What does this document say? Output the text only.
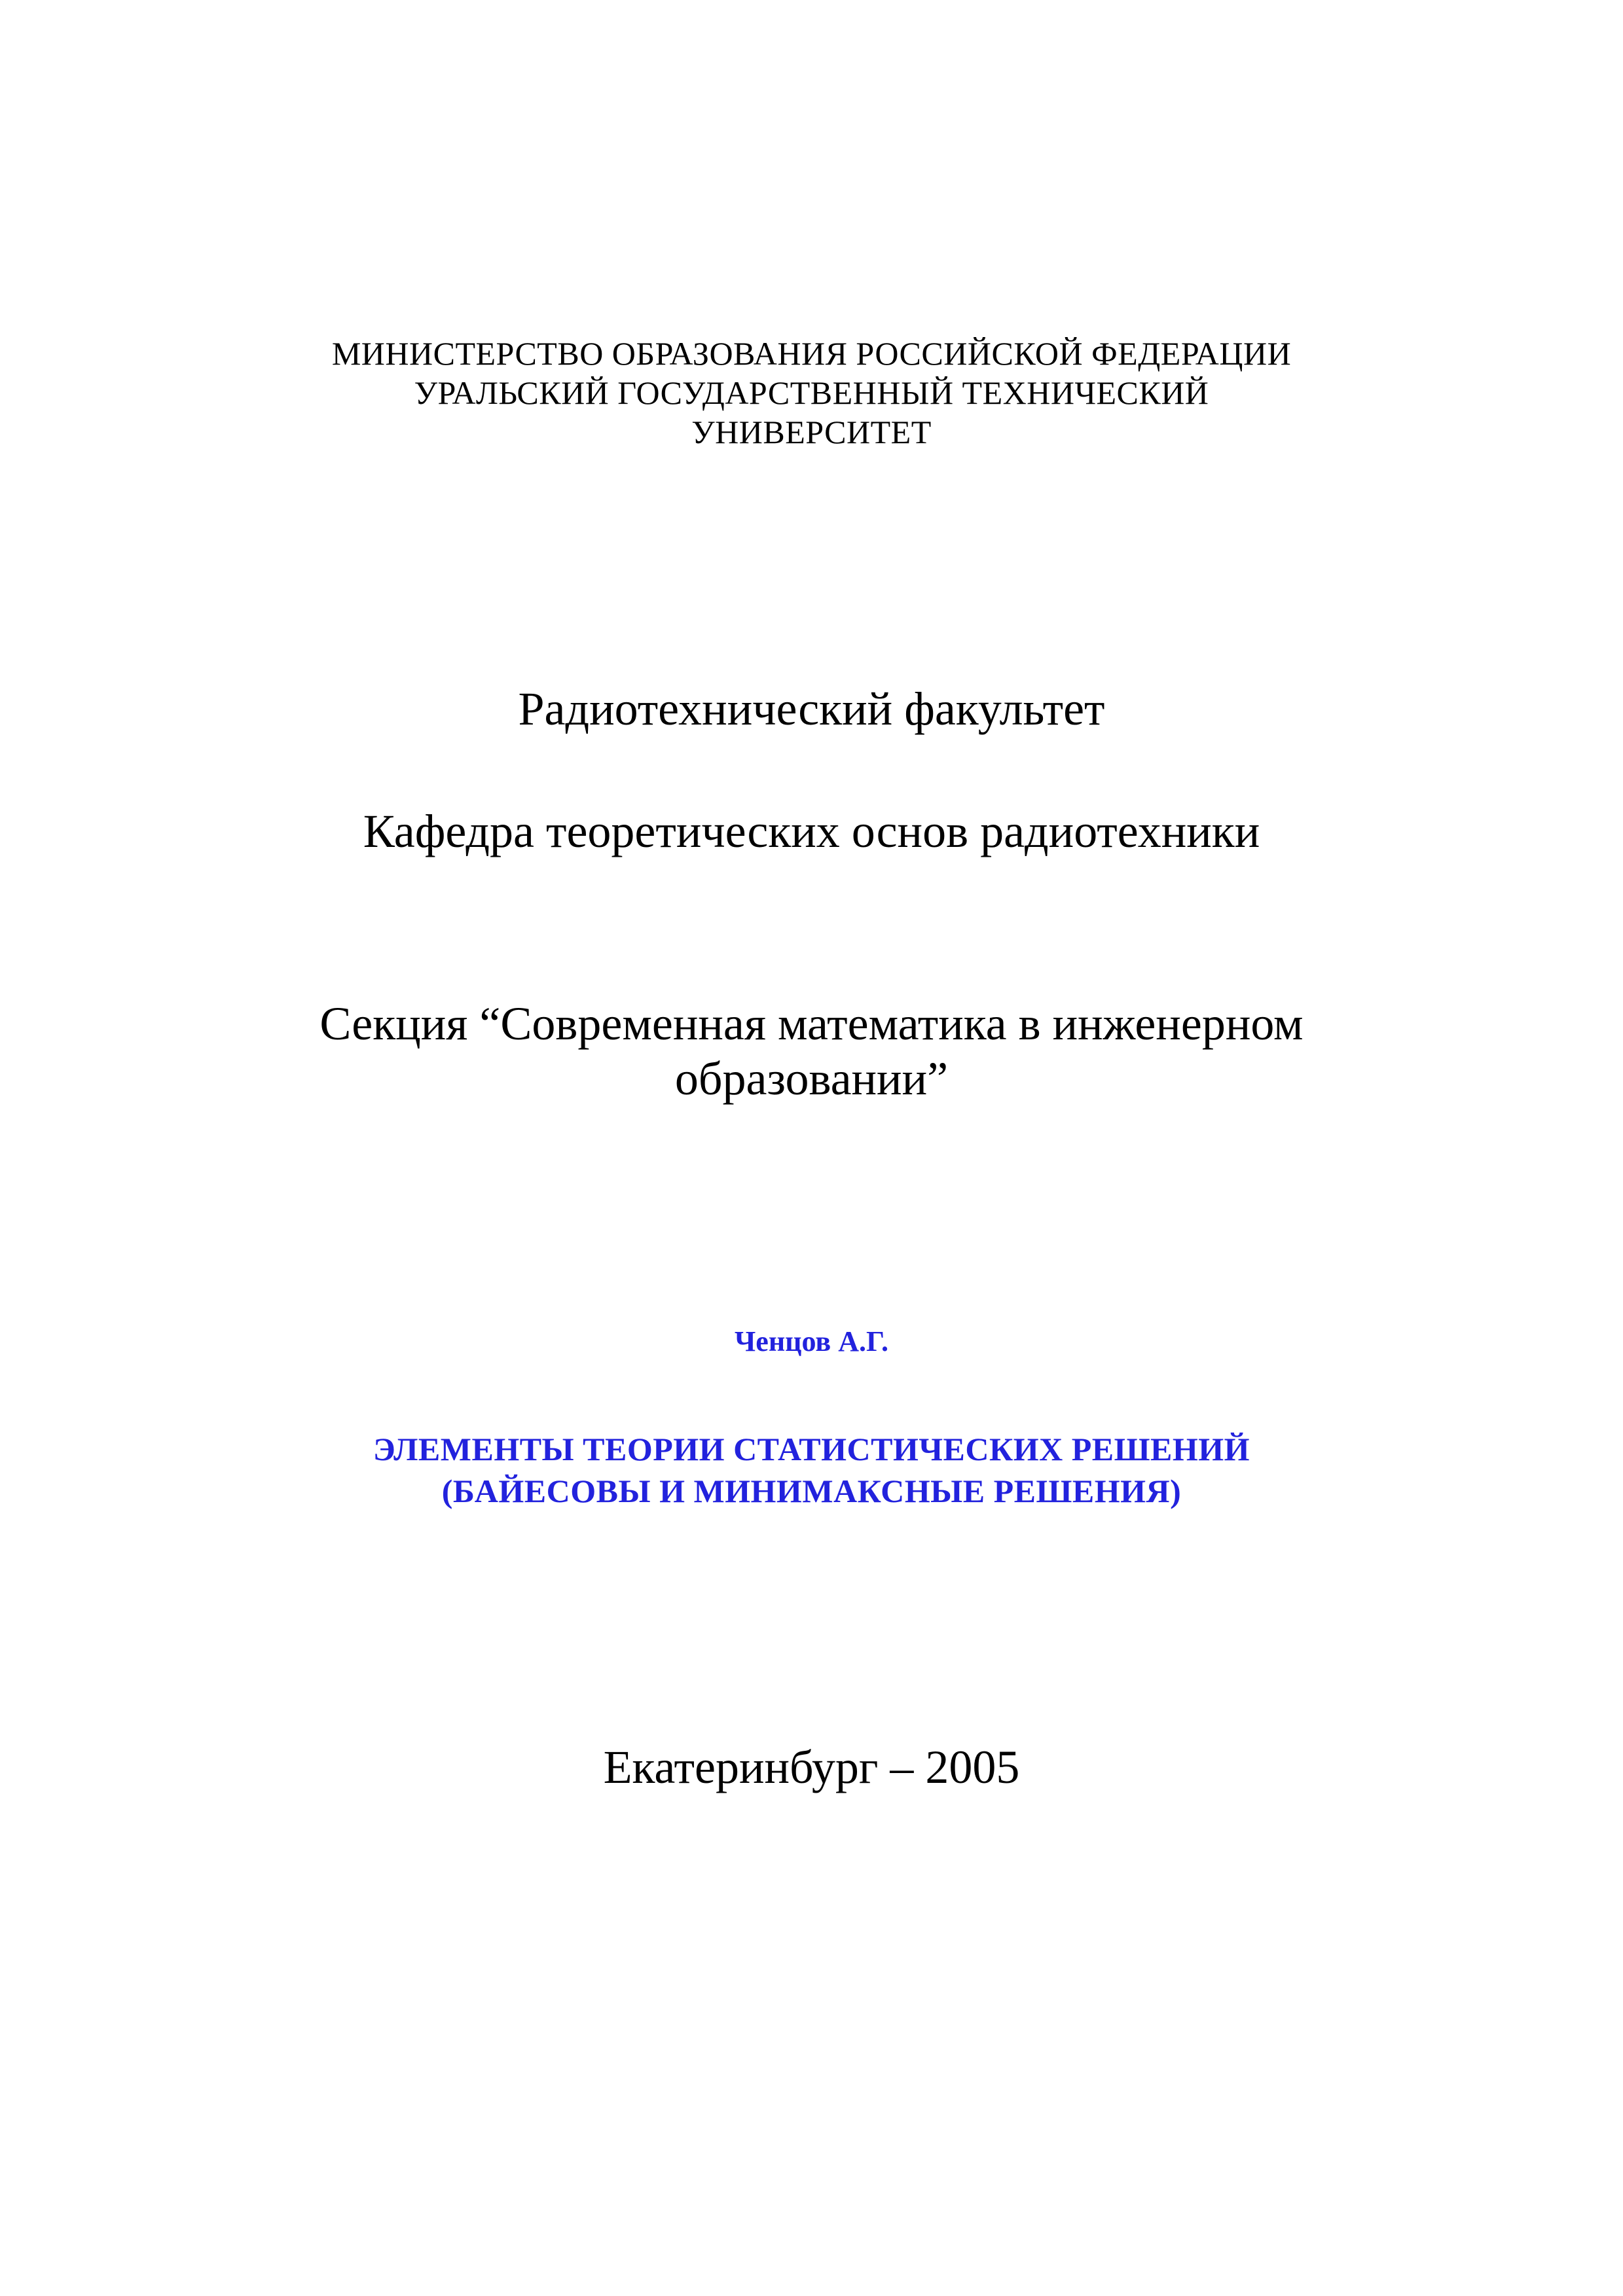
МИНИСТЕРСТВО ОБРАЗОВАНИЯ РОССИЙСКОЙ ФЕДЕРАЦИИ
УРАЛЬСКИЙ ГОСУДАРСТВЕННЫЙ ТЕХНИЧЕСКИЙ
УНИВЕРСИТЕТ
Радиотехнический факультет
Кафедра теоретических основ радиотехники
Секция “Современная математика в инженерном
образовании”
Ченцов А.Г.
ЭЛЕМЕНТЫ ТЕОРИИ СТАТИСТИЧЕСКИХ РЕШЕНИЙ
(БАЙЕСОВЫ И МИНИМАКСНЫЕ РЕШЕНИЯ)
Екатеринбург – 2005
